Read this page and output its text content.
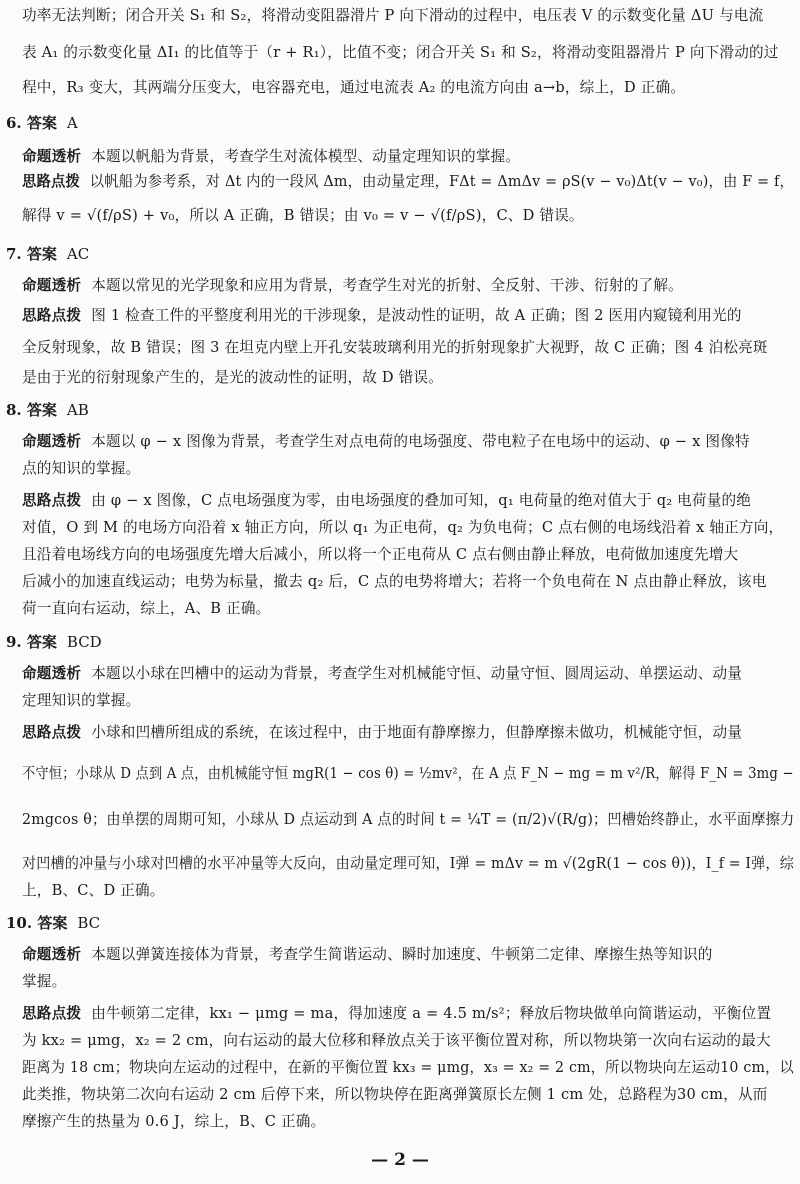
功率无法判断；闭合开关 S₁ 和 S₂，将滑动变阻器滑片 P 向下滑动的过程中，电压表 V 的示数变化量 ΔU 与电流
表 A₁ 的示数变化量 ΔI₁ 的比值等于（r + R₁），比值不变；闭合开关 S₁ 和 S₂，将滑动变阻器滑片 P 向下滑动的过
程中，R₃ 变大，其两端分压变大，电容器充电，通过电流表 A₂ 的电流方向由 a→b，综上，D 正确。
6. 答案 A
命题透析 本题以帆船为背景，考查学生对流体模型、动量定理知识的掌握。
思路点拨 以帆船为参考系，对 Δt 内的一段风 Δm，由动量定理，FΔt = ΔmΔv = ρS(v − v₀)Δt(v − v₀)，由 F = f，
解得 v = √(f/ρS) + v₀，所以 A 正确，B 错误；由 v₀ = v − √(f/ρS)，C、D 错误。
7. 答案 AC
命题透析 本题以常见的光学现象和应用为背景，考查学生对光的折射、全反射、干涉、衍射的了解。
思路点拨 图 1 检查工件的平整度利用光的干涉现象，是波动性的证明，故 A 正确；图 2 医用内窥镜利用光的
全反射现象，故 B 错误；图 3 在坦克内壁上开孔安装玻璃利用光的折射现象扩大视野，故 C 正确；图 4 泊松亮斑
是由于光的衍射现象产生的，是光的波动性的证明，故 D 错误。
8. 答案 AB
命题透析 本题以 φ − x 图像为背景，考查学生对点电荷的电场强度、带电粒子在电场中的运动、φ − x 图像特
点的知识的掌握。
思路点拨 由 φ − x 图像，C 点电场强度为零，由电场强度的叠加可知，q₁ 电荷量的绝对值大于 q₂ 电荷量的绝
对值，O 到 M 的电场方向沿着 x 轴正方向，所以 q₁ 为正电荷，q₂ 为负电荷；C 点右侧的电场线沿着 x 轴正方向，
且沿着电场线方向的电场强度先增大后减小，所以将一个正电荷从 C 点右侧由静止释放，电荷做加速度先增大
后减小的加速直线运动；电势为标量，撤去 q₂ 后，C 点的电势将增大；若将一个负电荷在 N 点由静止释放，该电
荷一直向右运动，综上，A、B 正确。
9. 答案 BCD
命题透析 本题以小球在凹槽中的运动为背景，考查学生对机械能守恒、动量守恒、圆周运动、单摆运动、动量
定理知识的掌握。
思路点拨 小球和凹槽所组成的系统，在该过程中，由于地面有静摩擦力，但静摩擦未做功，机械能守恒，动量
不守恒；小球从 D 点到 A 点，由机械能守恒 mgR(1 − cos θ) = ½mv²，在 A 点 F_N − mg = m v²/R，解得 F_N = 3mg −
2mgcos θ；由单摆的周期可知，小球从 D 点运动到 A 点的时间 t = ¼T = (π/2)√(R/g)；凹槽始终静止，水平面摩擦力
对凹槽的冲量与小球对凹槽的水平冲量等大反向，由动量定理可知，I弹 = mΔv = m √(2gR(1 − cos θ))，I_f = I弹，综
上，B、C、D 正确。
10. 答案 BC
命题透析 本题以弹簧连接体为背景，考查学生简谐运动、瞬时加速度、牛顿第二定律、摩擦生热等知识的
掌握。
思路点拨 由牛顿第二定律，kx₁ − μmg = ma，得加速度 a = 4.5 m/s²；释放后物块做单向简谐运动，平衡位置
为 kx₂ = μmg，x₂ = 2 cm，向右运动的最大位移和释放点关于该平衡位置对称，所以物块第一次向右运动的最大
距离为 18 cm；物块向左运动的过程中，在新的平衡位置 kx₃ = μmg，x₃ = x₂ = 2 cm，所以物块向左运动10 cm，以
此类推，物块第二次向右运动 2 cm 后停下来，所以物块停在距离弹簧原长左侧 1 cm 处，总路程为30 cm，从而
摩擦产生的热量为 0.6 J，综上，B、C 正确。
— 2 —
